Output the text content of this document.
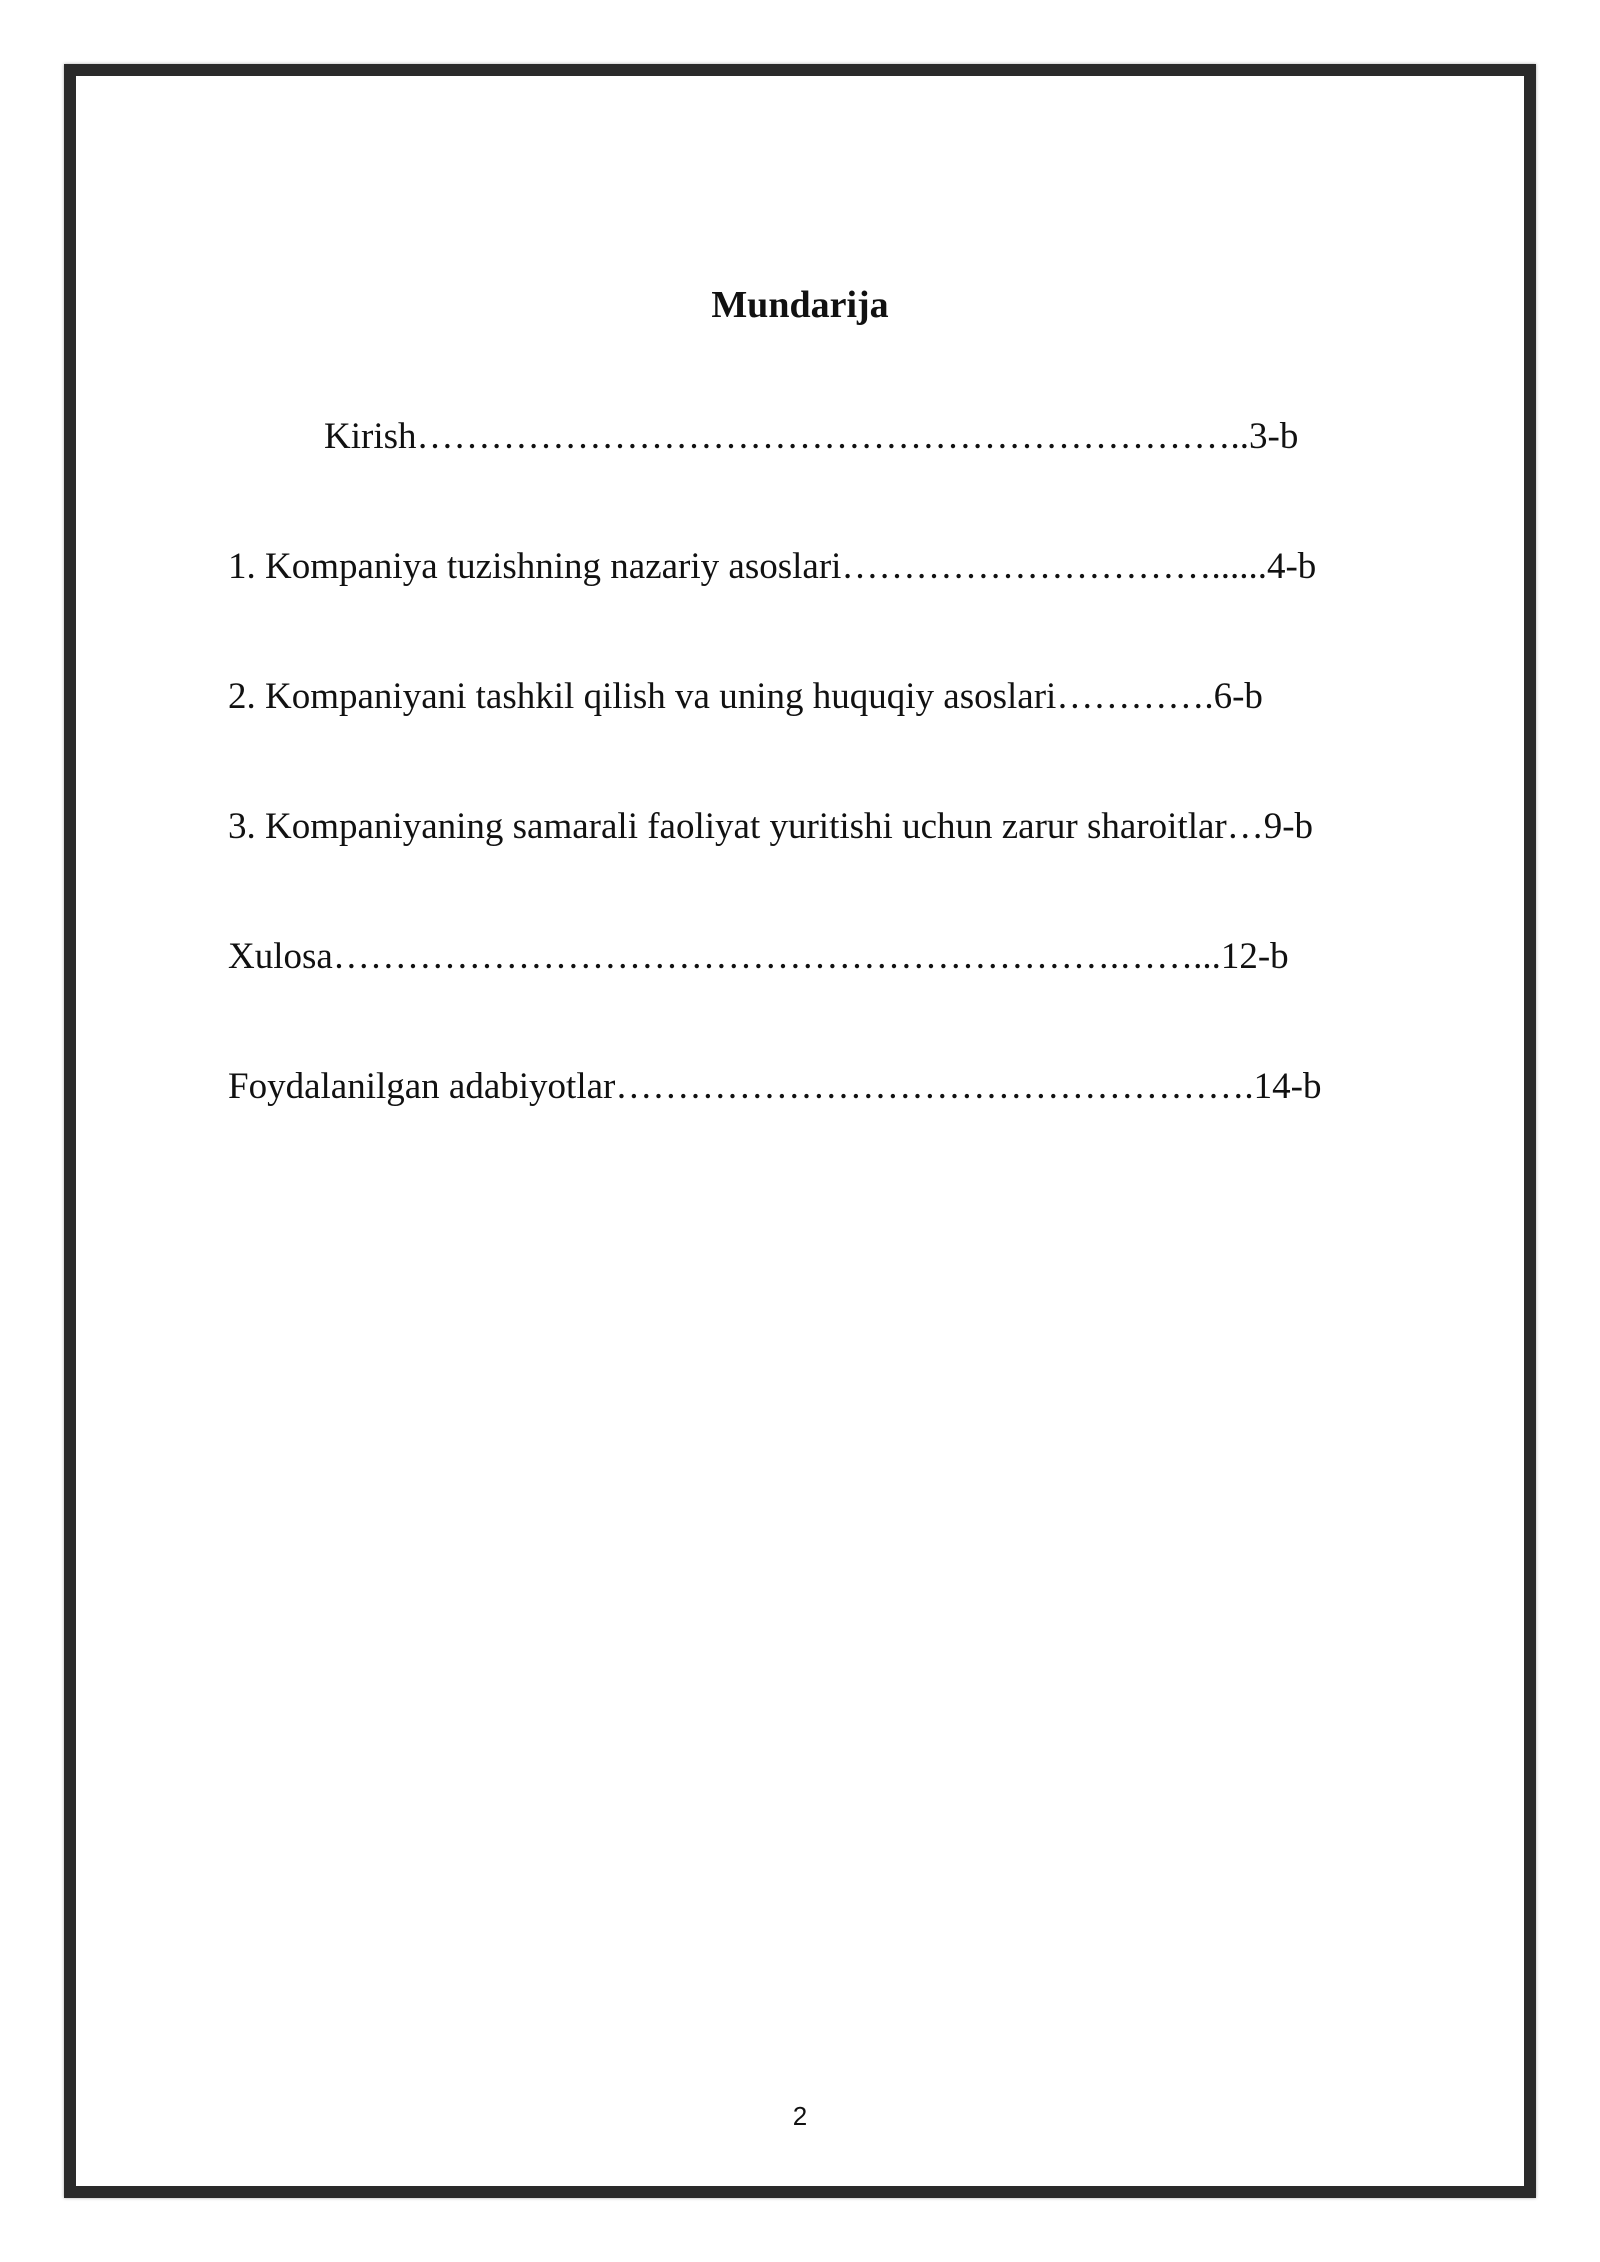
Mundarija
Kirish…………………………………………………………..3-b
1. Kompaniya tuzishning nazariy asoslari…………………………......4-b
2. Kompaniyani tashkil qilish va uning huquqiy asoslari………….6-b
3. Kompaniyaning samarali faoliyat yuritishi uchun zarur sharoitlar…9-b
Xulosa……………………………………………………….……...12-b
Foydalanilgan adabiyotlar…………………………………………….14-b
2
